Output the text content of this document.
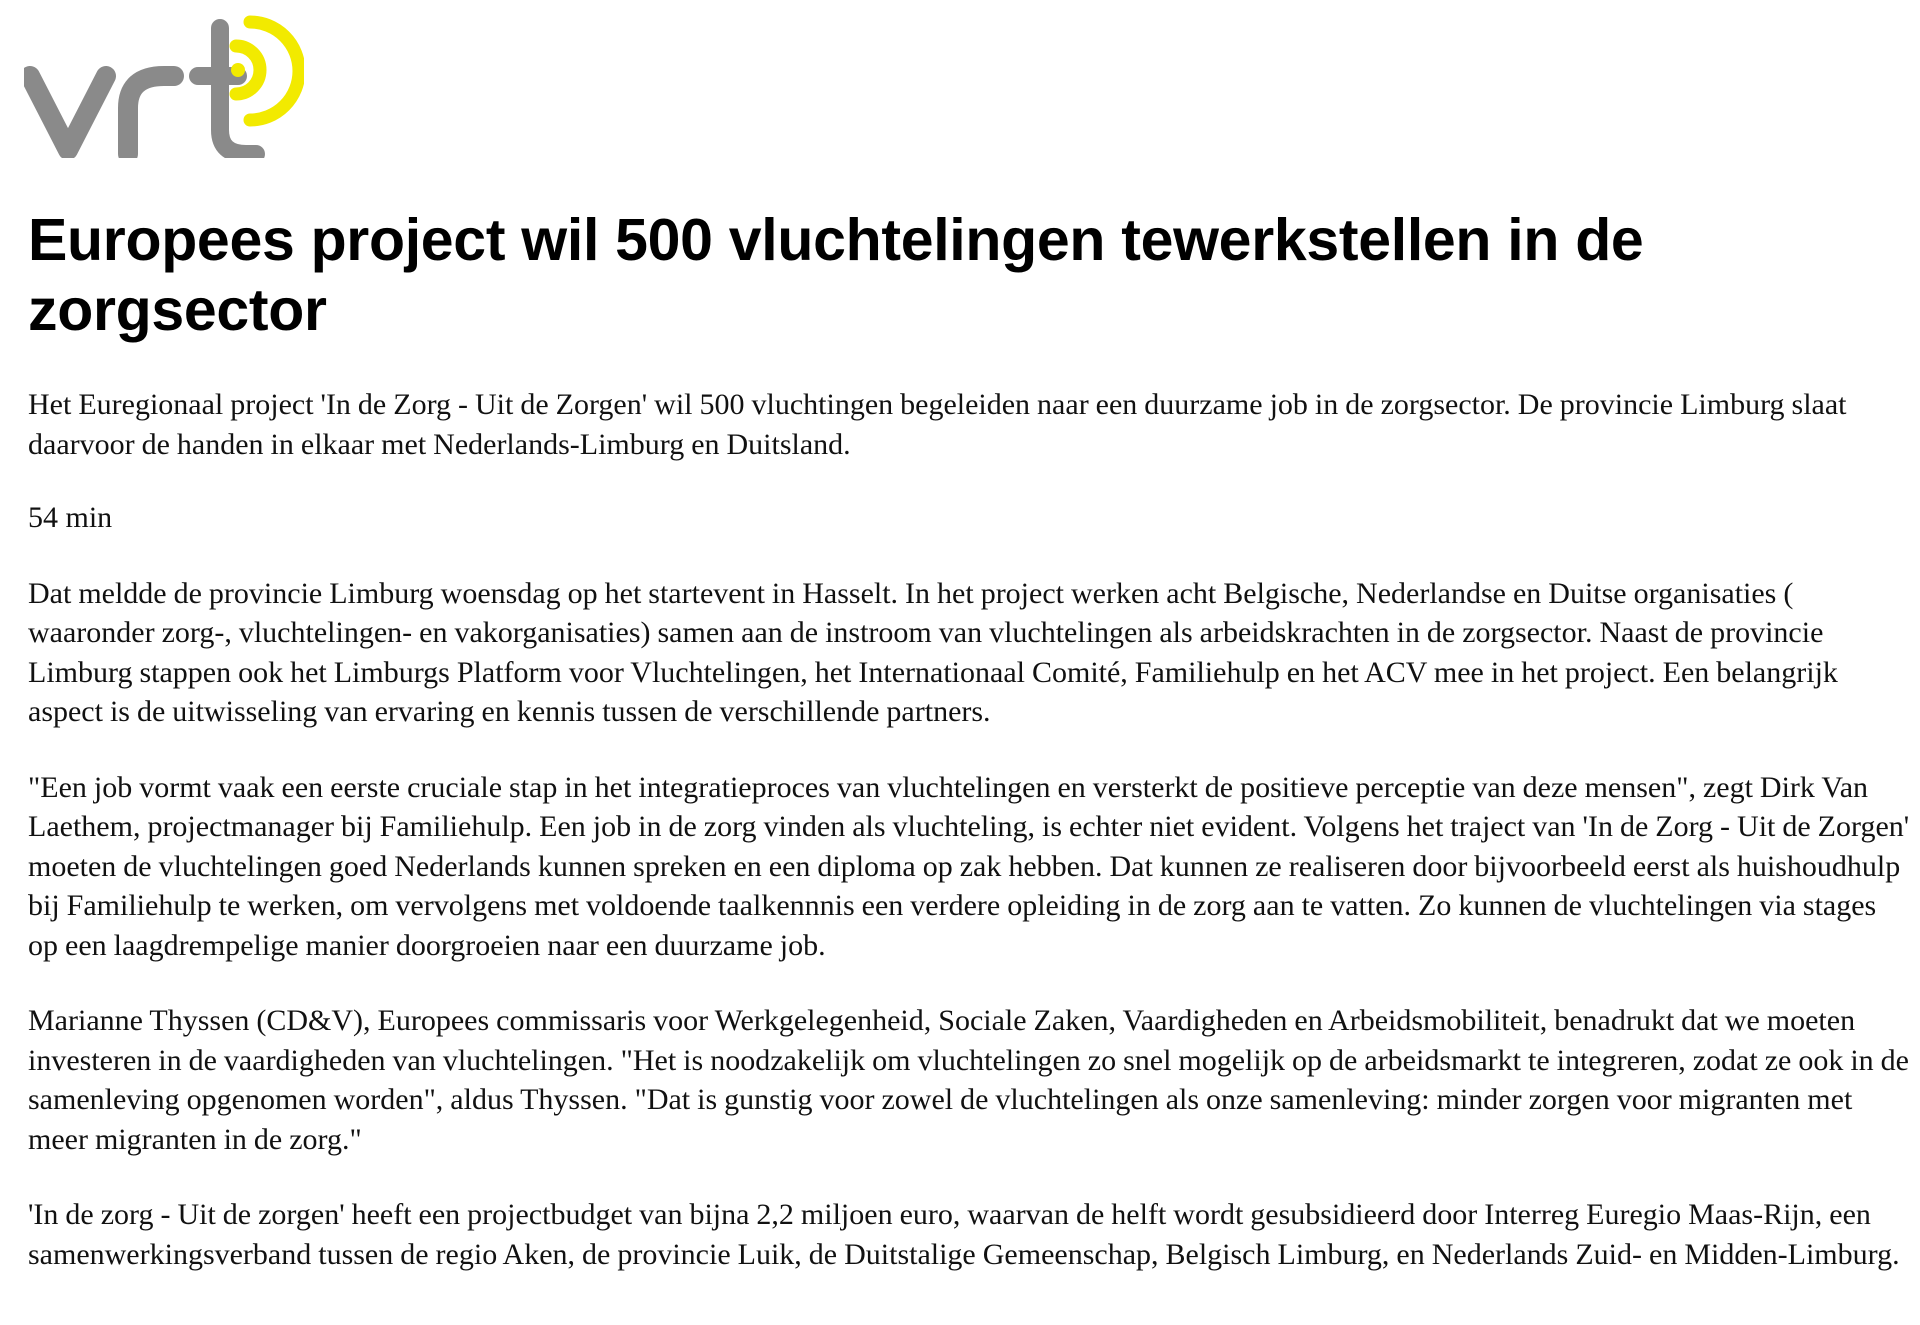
Europees project wil 500 vluchtelingen tewerkstellen in de zorgsector

Het Euregionaal project 'In de Zorg - Uit de Zorgen' wil 500 vluchtingen begeleiden naar een duurzame job in de zorgsector. De provincie Limburg slaat daarvoor de handen in elkaar met Nederlands-Limburg en Duitsland.

54 min

Dat meldde de provincie Limburg woensdag op het startevent in Hasselt. In het project werken acht Belgische, Nederlandse en Duitse organisaties ( waaronder zorg-, vluchtelingen- en vakorganisaties) samen aan de instroom van vluchtelingen als arbeidskrachten in de zorgsector. Naast de provincie Limburg stappen ook het Limburgs Platform voor Vluchtelingen, het Internationaal Comité, Familiehulp en het ACV mee in het project. Een belangrijk aspect is de uitwisseling van ervaring en kennis tussen de verschillende partners.

"Een job vormt vaak een eerste cruciale stap in het integratieproces van vluchtelingen en versterkt de positieve perceptie van deze mensen", zegt Dirk Van Laethem, projectmanager bij Familiehulp. Een job in de zorg vinden als vluchteling, is echter niet evident. Volgens het traject van 'In de Zorg - Uit de Zorgen' moeten de vluchtelingen goed Nederlands kunnen spreken en een diploma op zak hebben. Dat kunnen ze realiseren door bijvoorbeeld eerst als huishoudhulp bij Familiehulp te werken, om vervolgens met voldoende taalkennnis een verdere opleiding in de zorg aan te vatten. Zo kunnen de vluchtelingen via stages op een laagdrempelige manier doorgroeien naar een duurzame job.

Marianne Thyssen (CD&V), Europees commissaris voor Werkgelegenheid, Sociale Zaken, Vaardigheden en Arbeidsmobiliteit, benadrukt dat we moeten investeren in de vaardigheden van vluchtelingen. "Het is noodzakelijk om vluchtelingen zo snel mogelijk op de arbeidsmarkt te integreren, zodat ze ook in de samenleving opgenomen worden", aldus Thyssen. "Dat is gunstig voor zowel de vluchtelingen als onze samenleving: minder zorgen voor migranten met meer migranten in de zorg."

'In de zorg - Uit de zorgen' heeft een projectbudget van bijna 2,2 miljoen euro, waarvan de helft wordt gesubsidieerd door Interreg Euregio Maas-Rijn, een samenwerkingsverband tussen de regio Aken, de provincie Luik, de Duitstalige Gemeenschap, Belgisch Limburg, en Nederlands Zuid- en Midden-Limburg.
